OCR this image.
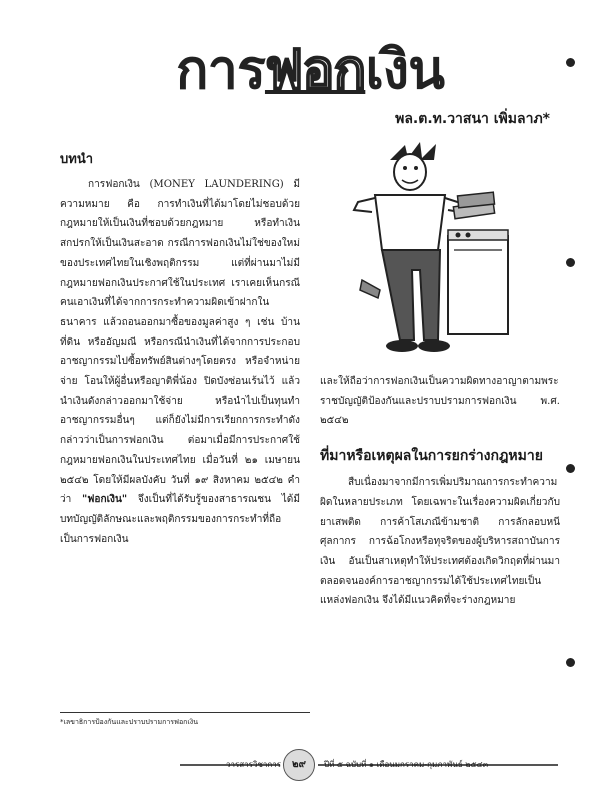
การฟอกเงิน
พล.ต.ท.วาสนา เพิ่มลาภ*
บทนำ

การฟอกเงิน (MONEY LAUNDERING) มีความหมาย คือ การทำเงินที่ได้มาโดยไม่ชอบด้วยกฎหมายให้เป็นเงินที่ชอบด้วยกฎหมาย หรือทำเงินสกปรกให้เป็นเงินสะอาด กรณีการฟอกเงินไม่ใช่ของใหม่ของประเทศไทยในเชิงพฤติกรรม แต่ที่ผ่านมาไม่มีกฎหมายฟอกเงินประกาศใช้ในประเทศ เราเคยเห็นกรณีคนเอาเงินที่ได้จากการกระทำความผิดเข้าฝากในธนาคาร แล้วถอนออกมาซื้อของมูลค่าสูง ๆ เช่น บ้าน ที่ดิน หรืออัญมณี หรือกรณีนำเงินที่ได้จากการประกอบอาชญากรรมไปซื้อทรัพย์สินต่างๆโดยตรง หรือจำหน่าย จ่าย โอนให้ผู้อื่นหรือญาติพี่น้อง ปิดบังซ่อนเร้นไว้ แล้วนำเงินดังกล่าวออกมาใช้จ่าย หรือนำไปเป็นทุนทำอาชญากรรมอื่นๆ แต่ก็ยังไม่มีการเรียกการกระทำดังกล่าวว่าเป็นการฟอกเงิน ต่อมาเมื่อมีการประกาศใช้กฎหมายฟอกเงินในประเทศไทย เมื่อวันที่ ๒๑ เมษายน ๒๕๔๒ โดยให้มีผลบังคับ วันที่ ๑๙ สิงหาคม ๒๕๔๒ คำว่า "ฟอกเงิน" จึงเป็นที่ได้รับรู้ของสาธารณชน ได้มีบทบัญญัติลักษณะและพฤติกรรมของการกระทำที่ถือเป็นการฟอกเงิน

และให้ถือว่าการฟอกเงินเป็นความผิดทางอาญาตามพระราชบัญญัติป้องกันและปราบปรามการฟอกเงิน พ.ศ. ๒๕๔๒

ที่มาหรือเหตุผลในการยกร่างกฎหมาย

สืบเนื่องมาจากมีการเพิ่มปริมาณการกระทำความผิดในหลายประเภท โดยเฉพาะในเรื่องความผิดเกี่ยวกับยาเสพติด การค้าโสเภณีข้ามชาติ การลักลอบหนีศุลกากร การฉ้อโกงหรือทุจริตของผู้บริหารสถาบันการเงิน อันเป็นสาเหตุทำให้ประเทศต้องเกิดวิกฤตที่ผ่านมา ตลอดจนองค์การอาชญากรรมได้ใช้ประเทศไทยเป็นแหล่งฟอกเงิน จึงได้มีแนวคิดที่จะร่างกฎหมาย

*เลขาธิการป้องกันและปราบปรามการฟอกเงิน
วารสารวิชาการ	๒๙	ปีที่ ๕ ฉบับที่ ๑ เดือนมกราคม-กุมภาพันธ์ ๒๕๔๓
